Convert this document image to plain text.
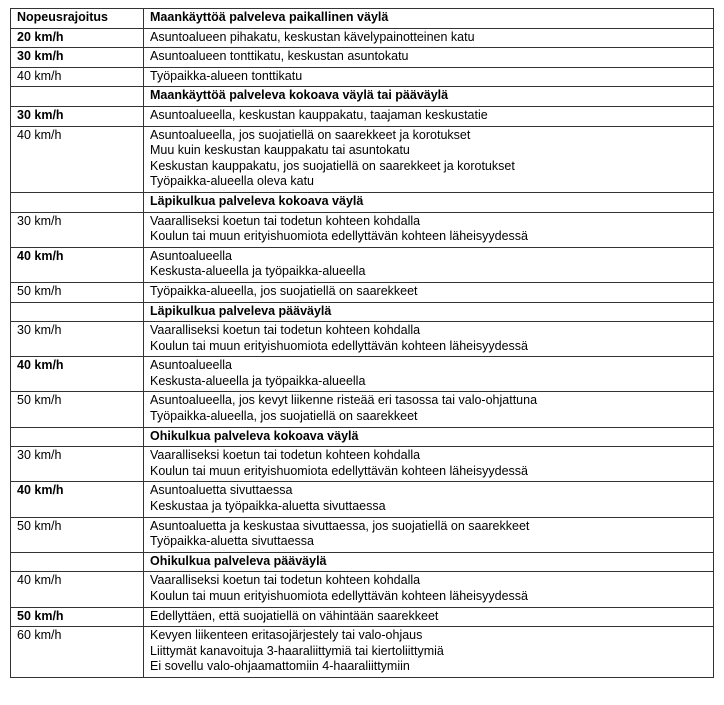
Nopeusrajoitus	Maankäyttöä palveleva paikallinen väylä
20 km/h	Asuntoalueen pihakatu, keskustan kävelypainotteinen katu

30 km/h	Asuntoalueen tonttikatu, keskustan asuntokatu

40 km/h	Työpaikka-alueen tonttikatu

	Maankäyttöä palveleva kokoava väylä tai pääväylä
30 km/h	Asuntoalueella, keskustan kauppakatu, taajaman keskustatie

40 km/h	Asuntoalueella, jos suojatiellä on saarekkeet ja korotukset
Muu kuin keskustan kauppakatu tai asuntokatu
Keskustan kauppakatu, jos suojatiellä on saarekkeet ja korotukset
Työpaikka-alueella oleva katu

	Läpikulkua palveleva kokoava väylä
30 km/h	Vaaralliseksi koetun tai todetun kohteen kohdalla
Koulun tai muun erityishuomiota edellyttävän kohteen läheisyydessä

40 km/h	Asuntoalueella
Keskusta-alueella ja työpaikka-alueella

50 km/h	Työpaikka-alueella, jos suojatiellä on saarekkeet

	Läpikulkua palveleva pääväylä
30 km/h	Vaaralliseksi koetun tai todetun kohteen kohdalla
Koulun tai muun erityishuomiota edellyttävän kohteen läheisyydessä

40 km/h	Asuntoalueella
Keskusta-alueella ja työpaikka-alueella

50 km/h	Asuntoalueella, jos kevyt liikenne risteää eri tasossa tai valo-ohjattuna
Työpaikka-alueella, jos suojatiellä on saarekkeet

	Ohikulkua palveleva kokoava väylä
30 km/h	Vaaralliseksi koetun tai todetun kohteen kohdalla
Koulun tai muun erityishuomiota edellyttävän kohteen läheisyydessä

40 km/h	Asuntoaluetta sivuttaessa
Keskustaa ja työpaikka-aluetta sivuttaessa

50 km/h	Asuntoaluetta ja keskustaa sivuttaessa, jos suojatiellä on saarekkeet
Työpaikka-aluetta sivuttaessa

	Ohikulkua palveleva pääväylä
40 km/h	Vaaralliseksi koetun tai todetun kohteen kohdalla
Koulun tai muun erityishuomiota edellyttävän kohteen läheisyydessä

50 km/h	Edellyttäen, että suojatiellä on vähintään saarekkeet

60 km/h	Kevyen liikenteen eritasojärjestely tai valo-ohjaus
Liittymät kanavoituja 3-haaraliittymiä tai kiertoliittymiä
Ei sovellu valo-ohjaamattomiin 4-haaraliittymiin
